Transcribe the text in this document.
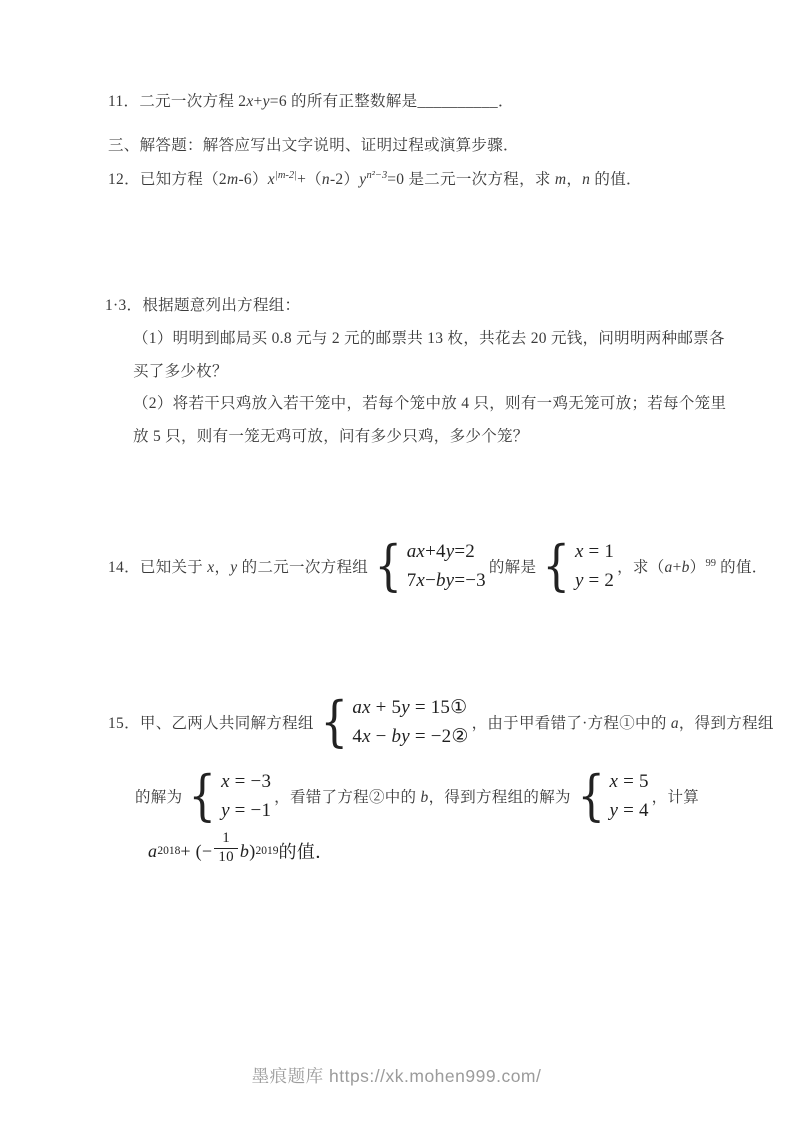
11．二元一次方程 2x+y=6 的所有正整数解是__________．

三、解答题：解答应写出文字说明、证明过程或演算步骤．

12．已知方程$(2m-6)x^{|m-2|}+(n-2)y^{n^2-3}=0$ 是二元一次方程，求 m，n 的值．

1·3．根据题意列出方程组：

（1）明明到邮局买 0.8 元与 2 元的邮票共 13 枚，共花去 20 元钱，问明明两种邮票各

买了多少枚？

（2）将若干只鸡放入若干笼中，若每个笼中放 4 只，则有一鸡无笼可放；若每个笼里

放 5 只，则有一笼无鸡可放，问有多少只鸡，多少个笼？

14．已知关于 x，y 的二元一次方程组 { ax+4y=2
7x−by=−3
的解是 { x = 1
y = 2
，求$(a+b)^{99}$ 的值．
15．甲、乙两人共同解方程组 { ax + 5y = 15①
4x − by = −2②
，由于甲看错了·方程①中的 a，得到方程组
的解为 { x = −3
y = −1
，看错了方程②中的 b，得到方程组的解为 { x = 5
y = 4
，计算
a 2018 + (− $\frac{1}{10}$ b ) 2019 的值．
墨痕题库 https://xk.mohen999.com/
